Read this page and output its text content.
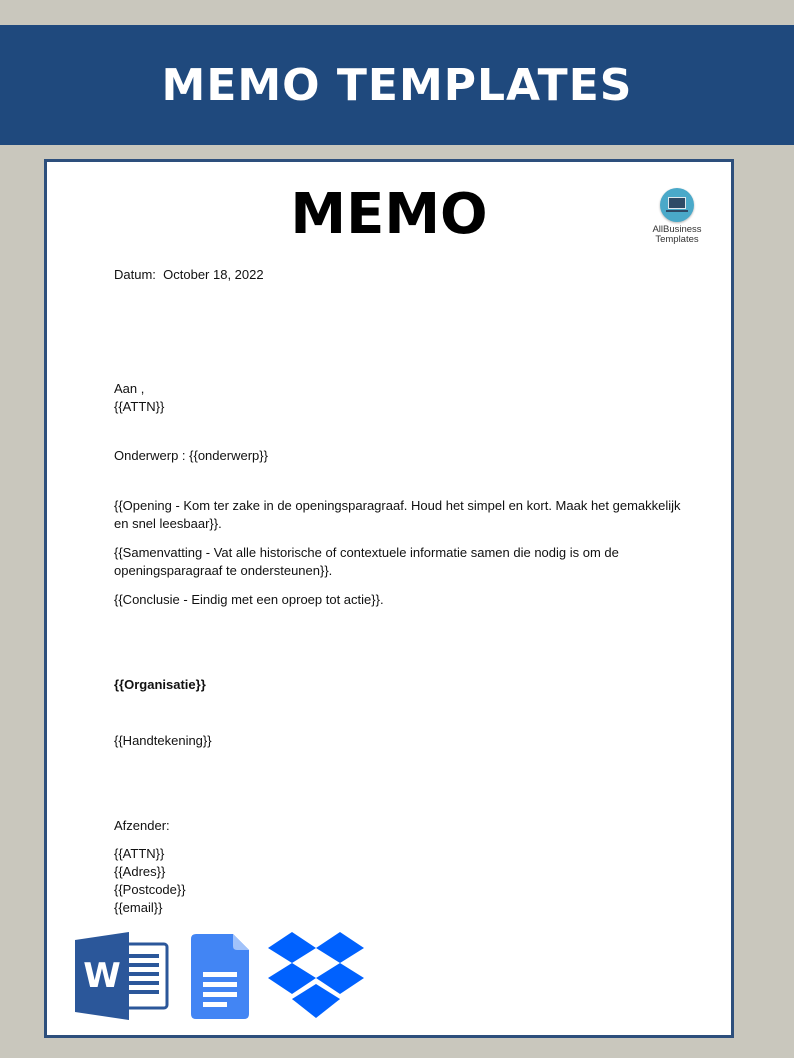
MEMO TEMPLATES
MEMO	AllBusiness
Templates
Datum:  October 18, 2022
Aan ,
{{ATTN}}
Onderwerp : {{onderwerp}}
{{Opening - Kom ter zake in de openingsparagraaf. Houd het simpel en kort. Maak het gemakkelijk en snel leesbaar}}.
{{Samenvatting - Vat alle historische of contextuele informatie samen die nodig is om de openingsparagraaf te ondersteunen}}.
{{Conclusie - Eindig met een oproep tot actie}}.
{{Organisatie}}
{{Handtekening}}
Afzender:
{{ATTN}}
{{Adres}}
{{Postcode}}
{{email}}
W
